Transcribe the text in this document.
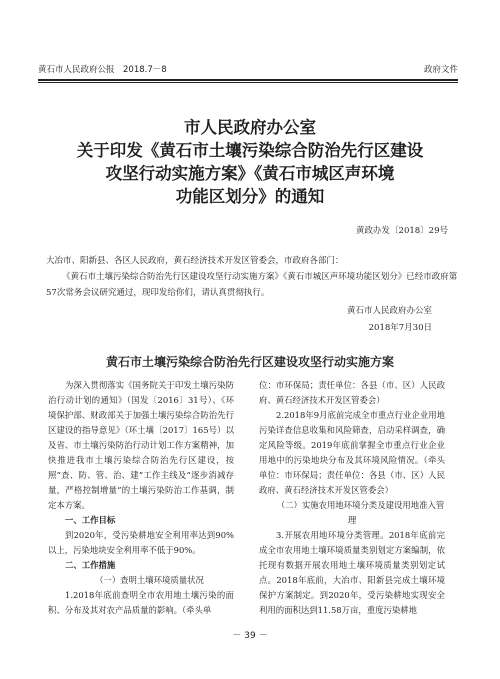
黄石市人民政府公报　2018.7－8	政府文件
市人民政府办公室
关于印发《黄石市土壤污染综合防治先行区建设
攻坚行动实施方案》《黄石市城区声环境
功能区划分》的通知
黄政办发〔2018〕29号
大冶市、阳新县、各区人民政府，黄石经济技术开发区管委会，市政府各部门：
《黄石市土壤污染综合防治先行区建设攻坚行动实施方案》《黄石市城区声环境功能区划分》已经市政府第57次常务会议研究通过，现印发给你们，请认真贯彻执行。
黄石市人民政府办公室
2018年7月30日
黄石市土壤污染综合防治先行区建设攻坚行动实施方案

为深入贯彻落实《国务院关于印发土壤污染防治行动计划的通知》（国发〔2016〕31号）、《环境保护部、财政部关于加强土壤污染综合防治先行区建设的指导意见》（环土壤〔2017〕165号）以及省、市土壤污染防治行动计划工作方案精神，加快推进我市土壤污染综合防治先行区建设，按照“查、防、管、治、建”工作主线及“逐步消减存量，严格控制增量”的土壤污染防治工作基调，制定本方案。

一、工作目标

到2020年，受污染耕地安全利用率达到90%以上，污染地块安全利用率不低于90%。

二、工作措施

（一）查明土壤环境质量状况

1.2018年底前查明全市农用地土壤污染的面积、分布及其对农产品质量的影响。（牵头单

位：市环保局；责任单位：各县（市、区）人民政府、黄石经济技术开发区管委会）

2.2018年9月底前完成全市重点行业企业用地污染详查信息收集和风险筛查，启动采样调查，确定风险等级。2019年底前掌握全市重点行业企业用地中的污染地块分布及其环境风险情况。（牵头单位：市环保局；责任单位：各县（市、区）人民政府、黄石经济技术开发区管委会）

（二）实施农用地环境分类及建设用地准入管理

3.开展农用地环境分类管理。2018年底前完成全市农用地土壤环境质量类别划定方案编制，依托现有数据开展农用地土壤环境质量类别划定试点。2018年底前，大冶市、阳新县完成土壤环境保护方案制定。到2020年，受污染耕地实现安全利用的面积达到11.58万亩，重度污染耕地

－ 39 －
